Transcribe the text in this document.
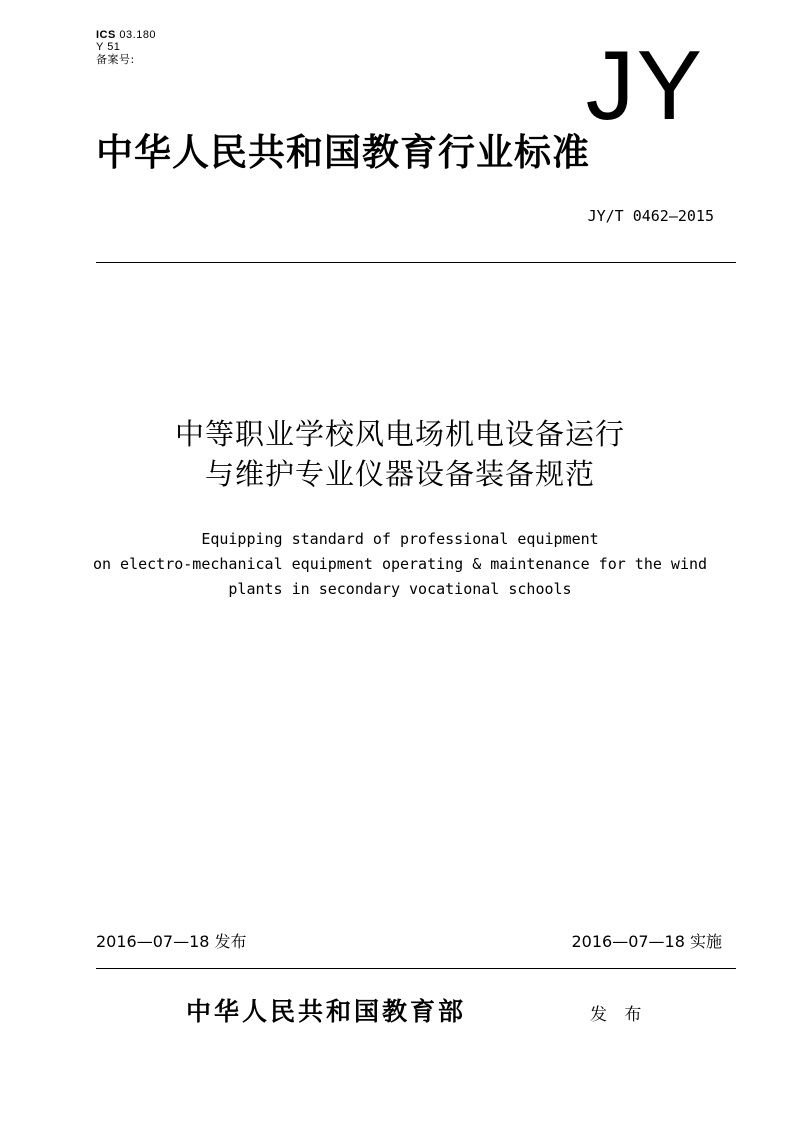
ICS 03.180
Y 51
备案号:	JY
中华人民共和国教育行业标准
JY/T 0462—2015
中等职业学校风电场机电设备运行
与维护专业仪器设备装备规范
Equipping standard of professional equipment
on electro-mechanical equipment operating & maintenance for the wind
plants in secondary vocational schools
2016—07—18 发布	2016—07—18 实施
中华人民共和国教育部	发 布
